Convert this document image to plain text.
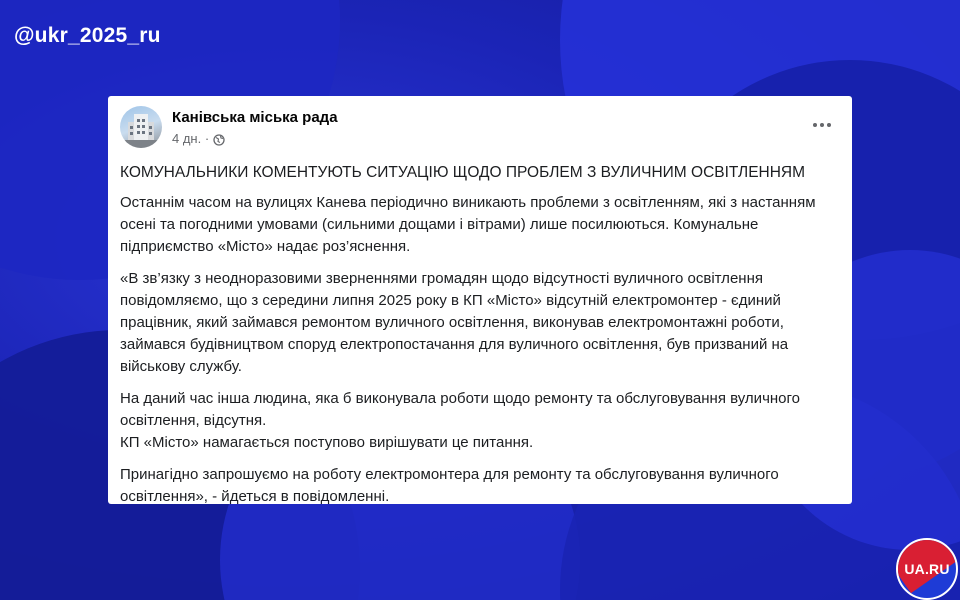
@ukr_2025_ru
Канівська міська рада
4 дн. ·

КОМУНАЛЬНИКИ КОМЕНТУЮТЬ СИТУАЦІЮ ЩОДО ПРОБЛЕМ З ВУЛИЧНИМ ОСВІТЛЕННЯМ

Останнім часом на вулицях Канева періодично виникають проблеми з освітленням, які з настанням осені та погодними умовами (сильними дощами і вітрами) лише посилюються. Комунальне підприємство «Місто» надає роз’яснення.

«В зв’язку з неодноразовими зверненнями громадян щодо відсутності вуличного освітлення повідомляємо, що з середини липня 2025 року в КП «Місто» відсутній електромонтер - єдиний працівник, який займався ремонтом вуличного освітлення, виконував електромонтажні роботи, займався будівництвом споруд електропостачання для вуличного освітлення, був призваний на військову службу.

На даний час інша людина, яка б виконувала роботи щодо ремонту та обслуговування вуличного освітлення, відсутня.
КП «Місто» намагається поступово вирішувати це питання.

Принагідно запрошуємо на роботу електромонтера для ремонту та обслуговування вуличного освітлення», - йдеться в повідомленні.

UA.RU
